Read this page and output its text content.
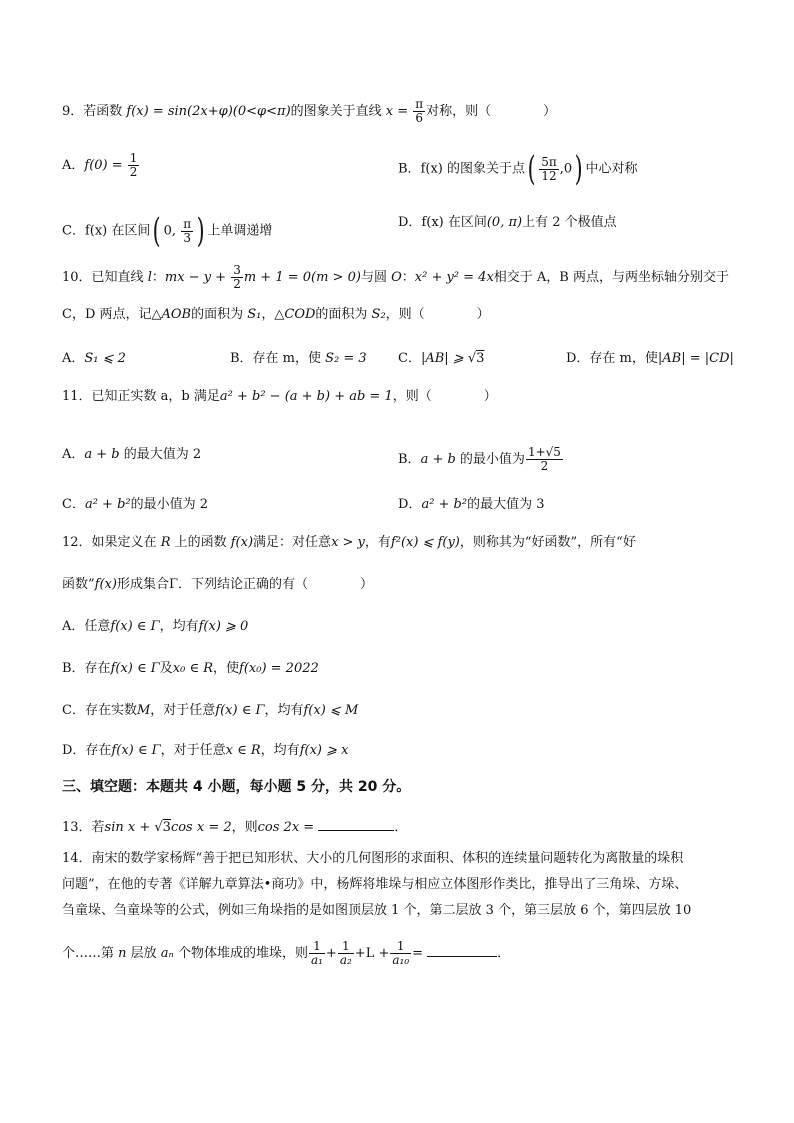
9．若函数 f(x) = sin(2x+φ)(0<φ<π)的图象关于直线 $x = \frac{\pi}{6}$ 对称，则（　　　　）
A．$f(0) = \frac{1}{2}$	B．f(x) 的图象关于点( $\frac{5\pi}{12} ,0$) 中心对称
C．f(x) 在区间( 0, $\frac{\pi}{3}$ ) 上单调递增
D．f(x) 在区间(0, π)上有 2 个极值点
10．已知直线 l：mx − $y + \frac{3}{2}$ m + 1 = 0(m > 0)与圆 O：x² + y² = 4x相交于 A，B 两点，与两坐标轴分别交于
C，D 两点，记△AOB的面积为 S₁，△COD的面积为 S₂，则（　　　　）
A．S₁ ⩽ 2	B．存在 m，使 S₂ = 3 C．|AB| ⩾ √3	D．存在 m，使|AB| = |CD|
11．已知正实数 a，b 满足a² + b² − (a + b) + ab = 1，则（　　　　）
A．a + b 的最大值为 2	B．a + b 的最小值为 $\frac{1+√5}{2}$
C．a² + b²的最小值为 2	D．a² + b²的最大值为 3
12．如果定义在 R 上的函数 f(x)满足：对任意x > y，有f²(x) ⩽ f(y)，则称其为“好函数”，所有“好
函数”f(x)形成集合Γ．下列结论正确的有（　　　　）
A．任意f(x) ∈ Γ，均有f(x) ⩾ 0
B．存在f(x) ∈ Γ及x₀ ∈ R，使f(x₀) = 2022
C．存在实数M，对于任意f(x) ∈ Γ，均有f(x) ⩽ M
D．存在f(x) ∈ Γ，对于任意x ∈ R，均有f(x) ⩾ x
三、填空题：本题共 4 小题，每小题 5 分，共 20 分。
13．若sin x + √3cos x = 2，则cos 2x =	．
14．南宋的数学家杨辉“善于把已知形状、大小的几何图形的求面积、体积的连续量问题转化为离散量的垛积
问题”，在他的专著《详解九章算法•商功》中，杨辉将堆垛与相应立体图形作类比，推导出了三角垛、方垛、
刍童垛、刍童垛等的公式，例如三角垛指的是如图顶层放 1 个，第二层放 3 个，第三层放 6 个，第四层放 10
个……第 n 层放 aₙ 个物体堆成的堆垛，则 $\frac{1}{\text{a₁}} + \frac{1}{\text{a₂}} +L + \frac{1}{\text{a₁₀}}$ =	．
